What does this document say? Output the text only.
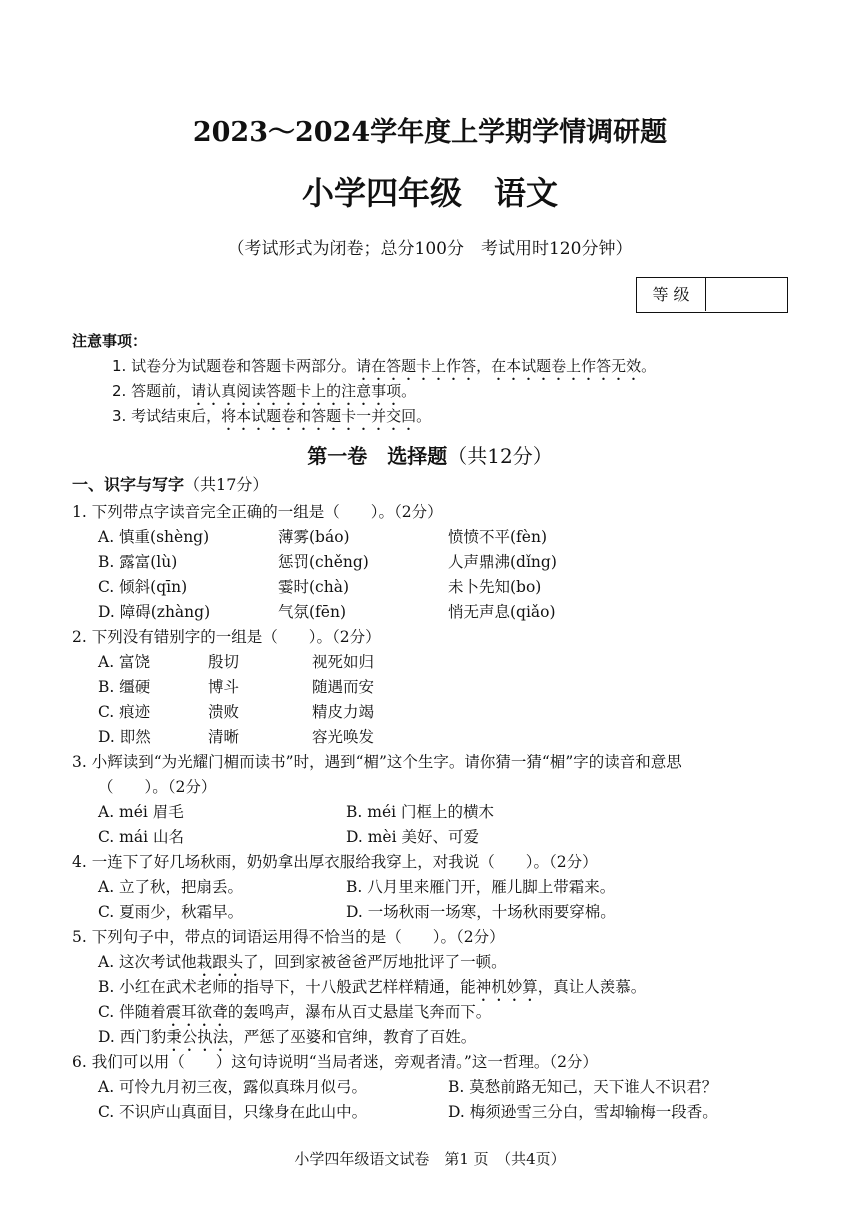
2023～2024学年度上学期学情调研题
小学四年级　语文
（考试形式为闭卷；总分100分　考试用时120分钟）
等 级
注意事项：
1. 试卷分为试题卷和答题卡两部分。请在答题卡上作答，在本试题卷上作答无效。
2. 答题前，请认真阅读答题卡上的注意事项。
3. 考试结束后，将本试题卷和答题卡一并交回。
第一卷　选择题（共12分）
一、识字与写字（共17分）
1. 下列带点字读音完全正确的一组是（　　）。（2分）
A. 慎重(shèng)	薄雾(báo)	愤愤不平(fèn)
B. 露富(lù)	惩罚(chěng)	人声鼎沸(dǐng)
C. 倾斜(qīn)	霎时(chà)	未卜先知(bo)
D. 障碍(zhàng)	气氛(fēn)	悄无声息(qiǎo)
2. 下列没有错别字的一组是（　　）。（2分）
A. 富饶	殷切	视死如归
B. 缰硬	博斗	随遇而安
C. 痕迹	溃败	精皮力竭
D. 即然	清晰	容光唤发
3. 小辉读到“为光耀门楣而读书”时，遇到“楣”这个生字。请你猜一猜“楣”字的读音和意思
（　　）。（2分）
A. méi 眉毛	B. méi 门框上的横木
C. mái 山名	D. mèi 美好、可爱
4. 一连下了好几场秋雨，奶奶拿出厚衣服给我穿上，对我说（　　）。（2分）
A. 立了秋，把扇丢。	B. 八月里来雁门开，雁儿脚上带霜来。
C. 夏雨少，秋霜早。	D. 一场秋雨一场寒，十场秋雨要穿棉。
5. 下列句子中，带点的词语运用得不恰当的是（　　）。（2分）
A. 这次考试他栽跟头了，回到家被爸爸严厉地批评了一顿。
B. 小红在武术老师的指导下，十八般武艺样样精通，能神机妙算，真让人羡慕。
C. 伴随着震耳欲聋的轰鸣声，瀑布从百丈悬崖飞奔而下。
D. 西门豹秉公执法，严惩了巫婆和官绅，教育了百姓。
6. 我们可以用（　　）这句诗说明“当局者迷，旁观者清。”这一哲理。（2分）
A. 可怜九月初三夜，露似真珠月似弓。	B. 莫愁前路无知己，天下谁人不识君？
C. 不识庐山真面目，只缘身在此山中。	D. 梅须逊雪三分白，雪却输梅一段香。
小学四年级语文试卷　第1 页　（共4页）
